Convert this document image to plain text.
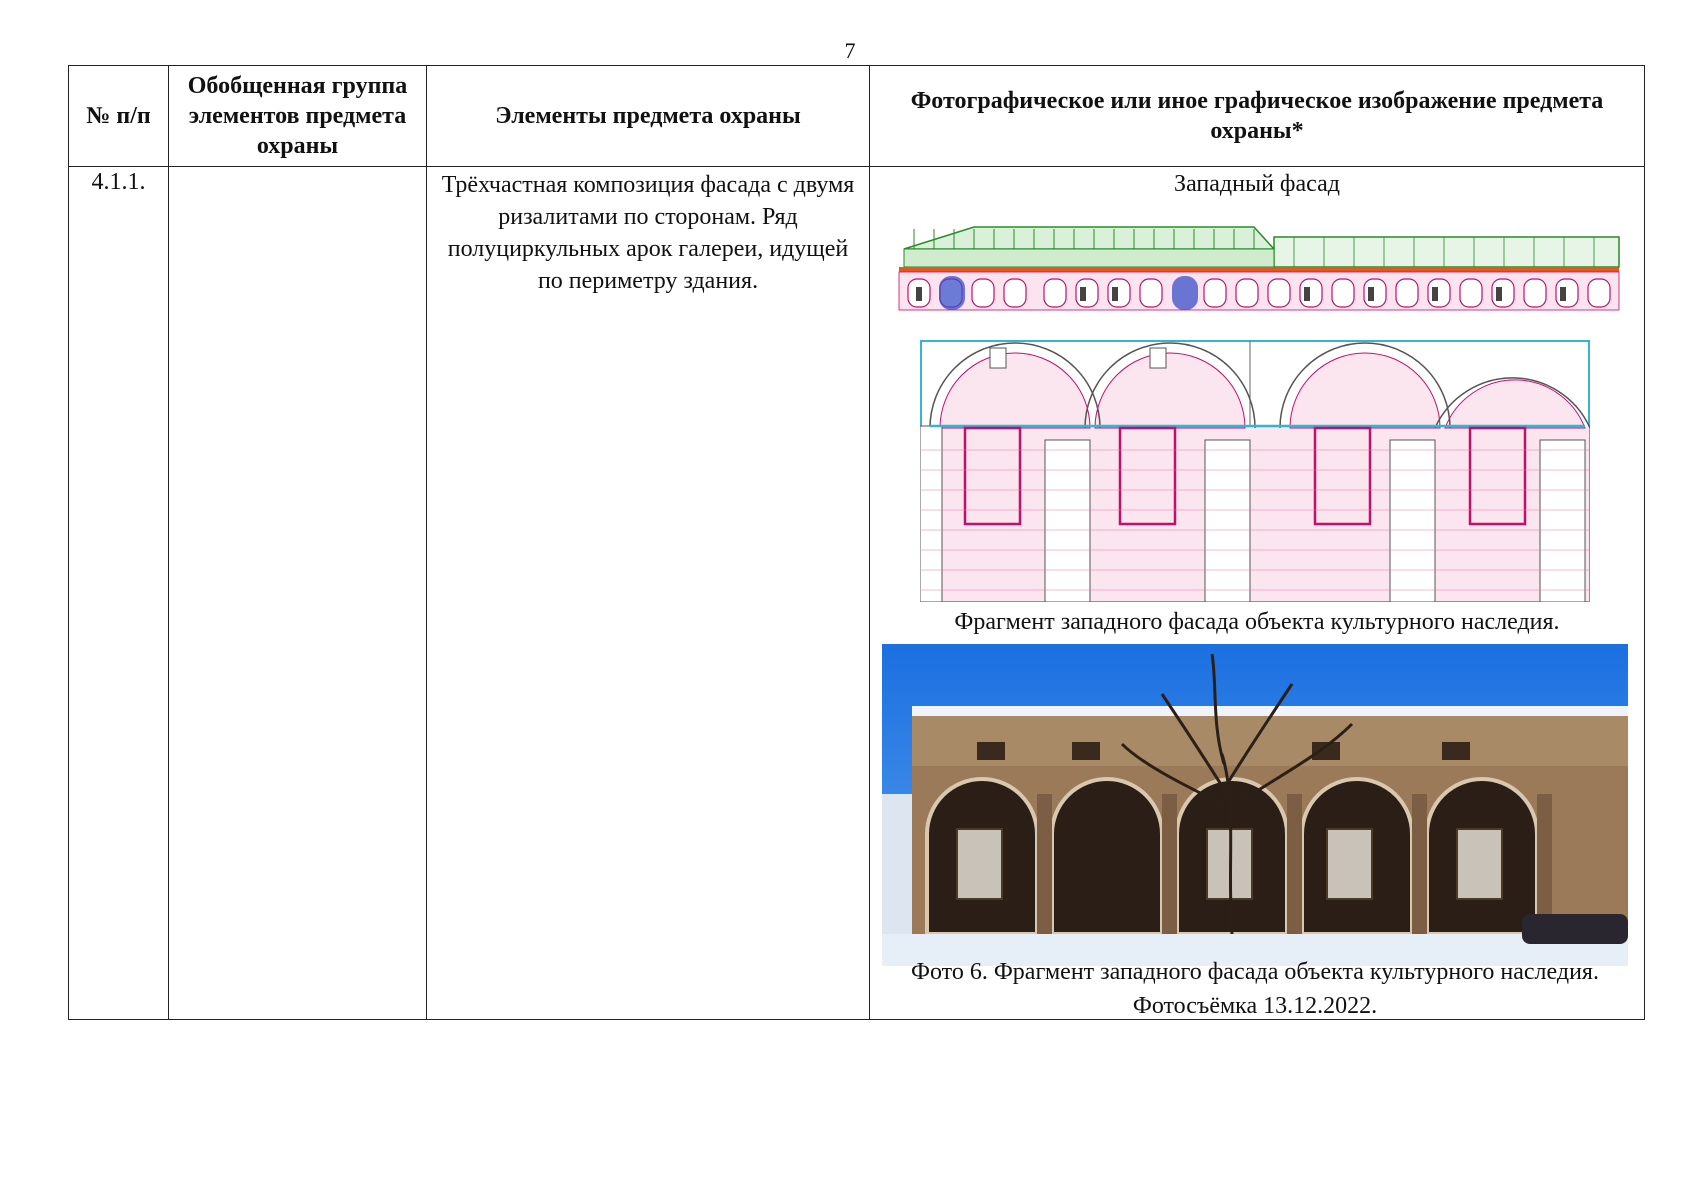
7
№ п/п	Обобщенная группа элементов предмета охраны	Элементы предмета охраны	Фотографическое или иное графическое изображение предмета охраны*
4.1.1.		Трёхчастная композиция фасада с двумя ризалитами по сторонам. Ряд полуциркульных арок галереи, идущей по периметру здания.	Западный фасад
Фрагмент западного фасада объекта культурного наследия.
Фото 6. Фрагмент западного фасада объекта культурного наследия. Фотосъёмка 13.12.2022.
